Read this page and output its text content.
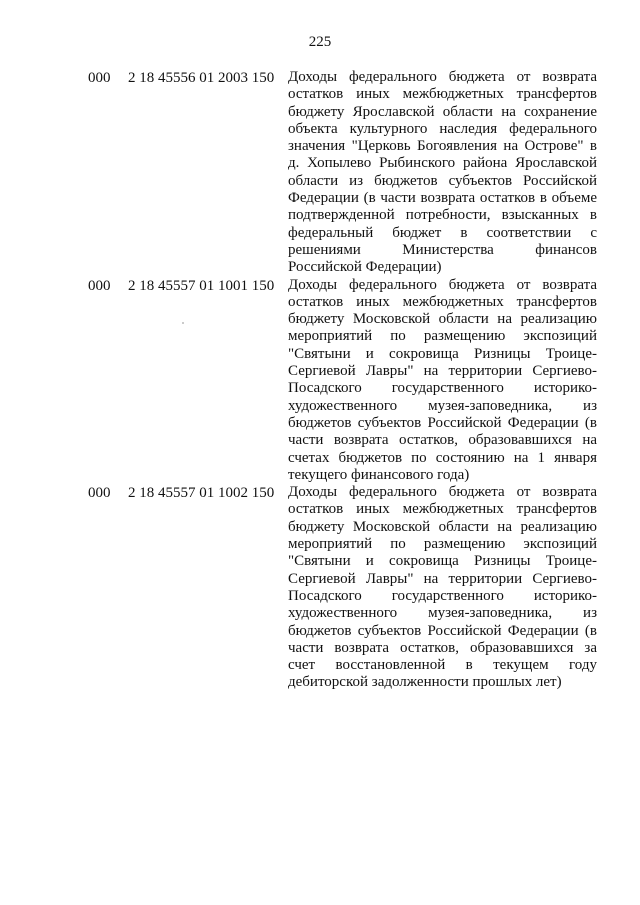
225
000 2 18 45556 01 2003 150 Доходы федерального бюджета от возврата остатков иных межбюджетных трансфертов бюджету Ярославской области на сохранение объекта культурного наследия федерального значения "Церковь Богоявления на Острове" в д. Хопылево Рыбинского района Ярославской области из бюджетов субъектов Российской Федерации (в части возврата остатков в объеме подтвержденной потребности, взысканных в федеральный бюджет в соответствии с решениями Министерства финансов Российской Федерации)
000 2 18 45557 01 1001 150 Доходы федерального бюджета от возврата остатков иных межбюджетных трансфертов бюджету Московской области на реализацию мероприятий по размещению экспозиций "Святыни и сокровища Ризницы Троице-Сергиевой Лавры" на территории Сергиево-Посадского государственного историко-художественного музея-заповедника, из бюджетов субъектов Российской Федерации (в части возврата остатков, образовавшихся на счетах бюджетов по состоянию на 1 января текущего финансового года)
000 2 18 45557 01 1002 150 Доходы федерального бюджета от возврата остатков иных межбюджетных трансфертов бюджету Московской области на реализацию мероприятий по размещению экспозиций "Святыни и сокровища Ризницы Троице-Сергиевой Лавры" на территории Сергиево-Посадского государственного историко-художественного музея-заповедника, из бюджетов субъектов Российской Федерации (в части возврата остатков, образовавшихся за счет восстановленной в текущем году дебиторской задолженности прошлых лет)
